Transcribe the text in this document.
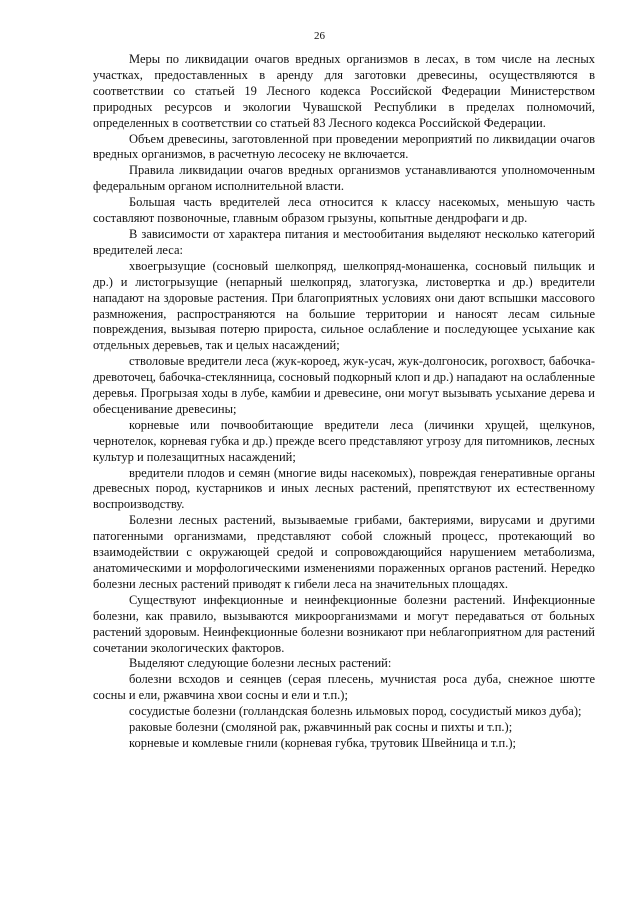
26

Меры по ликвидации очагов вредных организмов в лесах, в том числе на лесных участках, предоставленных в аренду для заготовки древесины, осуществляются в соответствии со статьей 19 Лесного кодекса Российской Федерации Министерством природных ресурсов и экологии Чувашской Республики в пределах полномочий, определенных в соответствии со статьей 83 Лесного кодекса Российской Федерации.

Объем древесины, заготовленной при проведении мероприятий по ликвидации очагов вредных организмов, в расчетную лесосеку не включается.

Правила ликвидации очагов вредных организмов устанавливаются уполномоченным федеральным органом исполнительной власти.

Большая часть вредителей леса относится к классу насекомых, меньшую часть составляют позвоночные, главным образом грызуны, копытные дендрофаги и др.

В зависимости от характера питания и местообитания выделяют несколько категорий вредителей леса:

хвоегрызущие (сосновый шелкопряд, шелкопряд-монашенка, сосновый пильщик и др.) и листогрызущие (непарный шелкопряд, златогузка, листовертка и др.) вредители нападают на здоровые растения. При благоприятных условиях они дают вспышки массового размножения, распространяются на большие территории и наносят лесам сильные повреждения, вызывая потерю прироста, сильное ослабление и последующее усыхание как отдельных деревьев, так и целых насаждений;

стволовые вредители леса (жук-короед, жук-усач, жук-долгоносик, рогохвост, бабочка-древоточец, бабочка-стеклянница, сосновый подкорный клоп и др.) нападают на ослабленные деревья. Прогрызая ходы в лубе, камбии и древесине, они могут вызывать усыхание дерева и обесценивание древесины;

корневые или почвообитающие вредители леса (личинки хрущей, щелкунов, чернотелок, корневая губка и др.) прежде всего представляют угрозу для питомников, лесных культур и полезащитных насаждений;

вредители плодов и семян (многие виды насекомых), повреждая генеративные органы древесных пород, кустарников и иных лесных растений, препятствуют их естественному воспроизводству.

Болезни лесных растений, вызываемые грибами, бактериями, вирусами и другими патогенными организмами, представляют собой сложный процесс, протекающий во взаимодействии с окружающей средой и сопровождающийся нарушением метаболизма, анатомическими и морфологическими изменениями пораженных органов растений. Нередко болезни лесных растений приводят к гибели леса на значительных площадях.

Существуют инфекционные и неинфекционные болезни растений. Инфекционные болезни, как правило, вызываются микроорганизмами и могут передаваться от больных растений здоровым. Неинфекционные болезни возникают при неблагоприятном для растений сочетании экологических факторов.

Выделяют следующие болезни лесных растений:

болезни всходов и сеянцев (серая плесень, мучнистая роса дуба, снежное шютте сосны и ели, ржавчина хвои сосны и ели и т.п.);

сосудистые болезни (голландская болезнь ильмовых пород, сосудистый микоз дуба);

раковые болезни (смоляной рак, ржавчинный рак сосны и пихты и т.п.);

корневые и комлевые гнили (корневая губка, трутовик Швейница и т.п.);
